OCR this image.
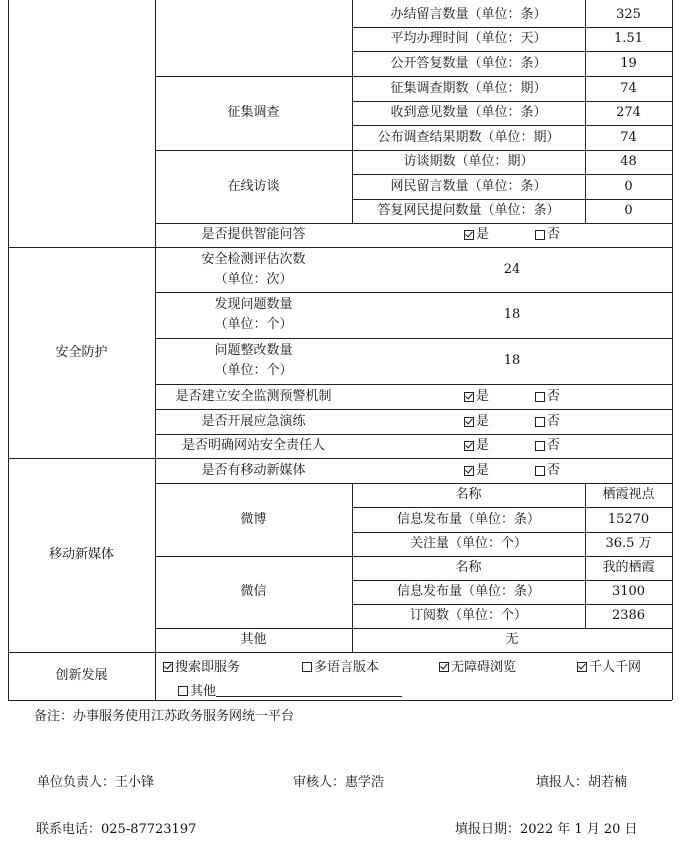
办结留言数量（单位：条）	325
平均办理时间（单位：天）	1.51
公开答复数量（单位：条）	19
征集调查
征集调查期数（单位：期）	74
收到意见数量（单位：条）	274
公布调查结果期数（单位：期）	74
在线访谈
访谈期数（单位：期）	48
网民留言数量（单位：条）	0
答复网民提问数量（单位：条）	0
是否提供智能问答	是	否
安全防护
安全检测评估次数
（单位：次）
24
发现问题数量
（单位：个）
18
问题整改数量
（单位：个）
18
是否建立安全监测预警机制	是	否
是否开展应急演练	是	否
是否明确网站安全责任人	是	否
移动新媒体
是否有移动新媒体	是	否
微博
名称	栖霞视点
信息发布量（单位：条）	15270
关注量（单位：个）	36.5 万
微信
名称	我的栖霞
信息发布量（单位：条）	3100
订阅数（单位：个）	2386
其他	无
创新发展
搜索即服务	多语言版本	无障碍浏览	千人千网
其他
备注：办事服务使用江苏政务服务网统一平台
单位负责人：王小锋	审核人：惠学浩	填报人：胡若楠
联系电话：025-87723197	填报日期：2022 年 1 月 20 日
